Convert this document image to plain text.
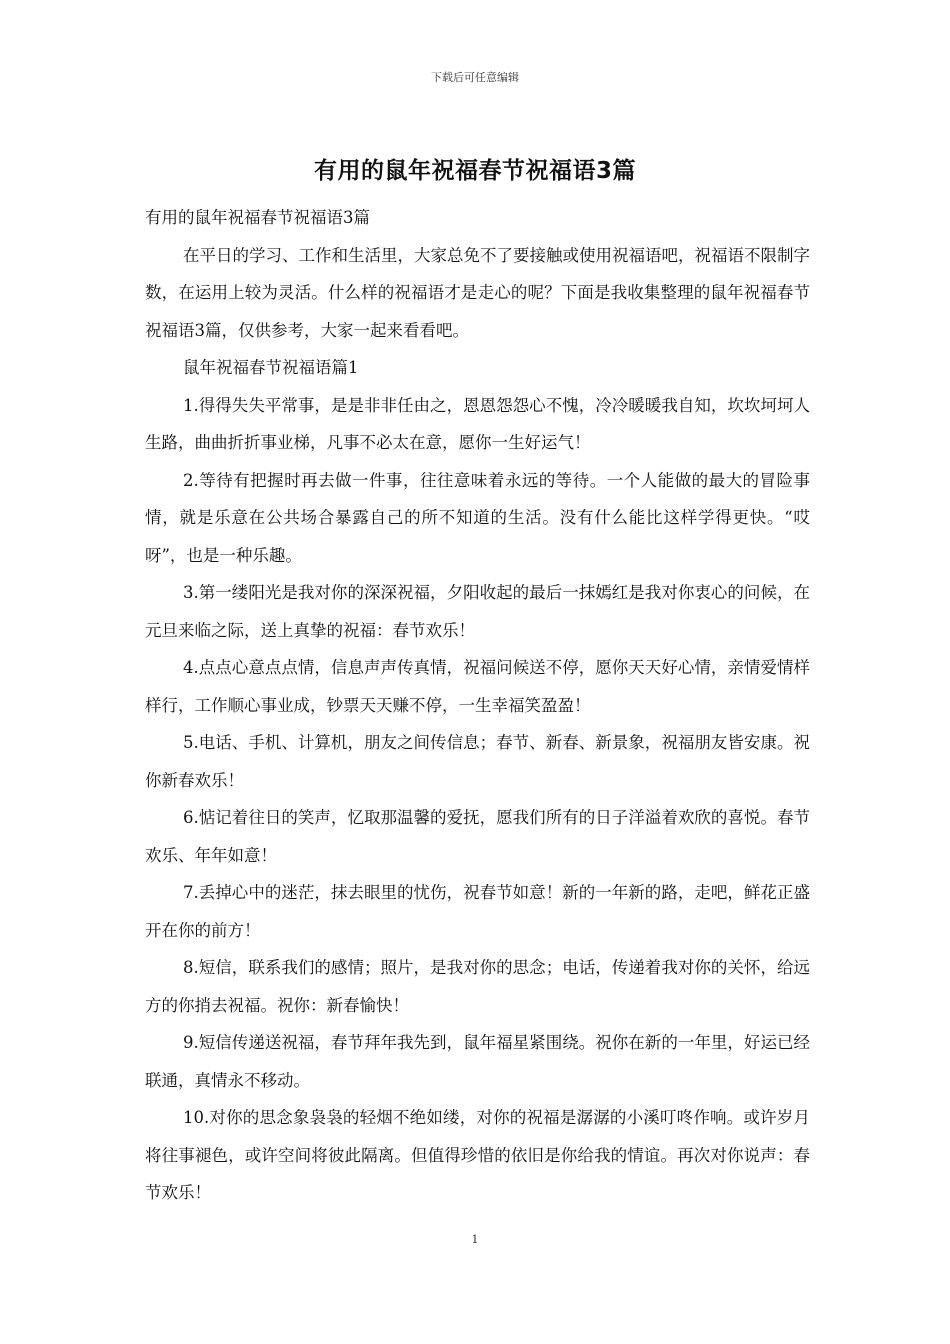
下载后可任意编辑
有用的鼠年祝福春节祝福语3篇

有用的鼠年祝福春节祝福语3篇

在平日的学习、工作和生活里，大家总免不了要接触或使用祝福语吧，祝福语不限制字数，在运用上较为灵活。什么样的祝福语才是走心的呢？下面是我收集整理的鼠年祝福春节祝福语3篇，仅供参考，大家一起来看看吧。

鼠年祝福春节祝福语篇1

1.得得失失平常事，是是非非任由之，恩恩怨怨心不愧，冷冷暖暖我自知，坎坎坷坷人生路，曲曲折折事业梯，凡事不必太在意，愿你一生好运气！

2.等待有把握时再去做一件事，往往意味着永远的等待。一个人能做的最大的冒险事情，就是乐意在公共场合暴露自己的所不知道的生活。没有什么能比这样学得更快。“哎呀”，也是一种乐趣。

3.第一缕阳光是我对你的深深祝福，夕阳收起的最后一抹嫣红是我对你衷心的问候，在元旦来临之际，送上真挚的祝福：春节欢乐！

4.点点心意点点情，信息声声传真情，祝福问候送不停，愿你天天好心情，亲情爱情样样行，工作顺心事业成，钞票天天赚不停，一生幸福笑盈盈！

5.电话、手机、计算机，朋友之间传信息；春节、新春、新景象，祝福朋友皆安康。祝你新春欢乐！

6.惦记着往日的笑声，忆取那温馨的爱抚，愿我们所有的日子洋溢着欢欣的喜悦。春节欢乐、年年如意！

7.丢掉心中的迷茫，抹去眼里的忧伤，祝春节如意！新的一年新的路，走吧，鲜花正盛开在你的前方！

8.短信，联系我们的感情；照片，是我对你的思念；电话，传递着我对你的关怀，给远方的你捎去祝福。祝你：新春愉快！

9.短信传递送祝福，春节拜年我先到，鼠年福星紧围绕。祝你在新的一年里，好运已经联通，真情永不移动。

10.对你的思念象袅袅的轻烟不绝如缕，对你的祝福是潺潺的小溪叮咚作响。或许岁月将往事褪色，或许空间将彼此隔离。但值得珍惜的依旧是你给我的情谊。再次对你说声：春节欢乐！

1
